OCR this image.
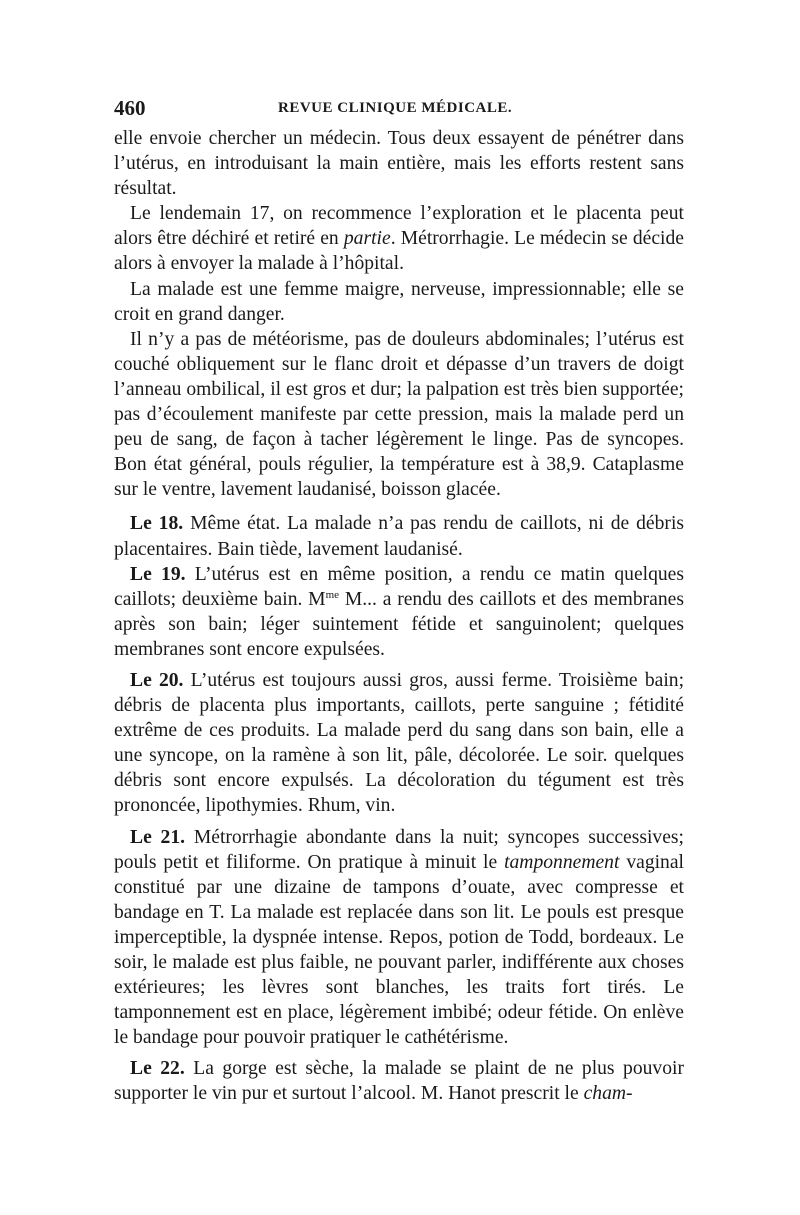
460	REVUE CLINIQUE MÉDICALE.

elle envoie chercher un médecin. Tous deux essayent de pénétrer dans l’utérus, en introduisant la main entière, mais les efforts restent sans résultat.

Le lendemain 17, on recommence l’exploration et le placenta peut alors être déchiré et retiré en partie. Métrorrhagie. Le médecin se décide alors à envoyer la malade à l’hôpital.

La malade est une femme maigre, nerveuse, impressionnable; elle se croit en grand danger.

Il n’y a pas de météorisme, pas de douleurs abdominales; l’utérus est couché obliquement sur le flanc droit et dépasse d’un travers de doigt l’anneau ombilical, il est gros et dur; la palpation est très bien supportée; pas d’écoulement manifeste par cette pression, mais la malade perd un peu de sang, de façon à tacher légèrement le linge. Pas de syncopes. Bon état général, pouls régulier, la température est à 38,9. Cataplasme sur le ventre, lavement laudanisé, boisson glacée.

Le 18. Même état. La malade n’a pas rendu de caillots, ni de débris placentaires. Bain tiède, lavement laudanisé.

Le 19. L’utérus est en même position, a rendu ce matin quelques caillots; deuxième bain. $M^{me}$ M... a rendu des caillots et des membranes après son bain; léger suintement fétide et sanguinolent; quelques membranes sont encore expulsées.

Le 20. L’utérus est toujours aussi gros, aussi ferme. Troisième bain; débris de placenta plus importants, caillots, perte sanguine ; fétidité extrême de ces produits. La malade perd du sang dans son bain, elle a une syncope, on la ramène à son lit, pâle, décolorée. Le soir. quelques débris sont encore expulsés. La décoloration du tégument est très prononcée, lipothymies. Rhum, vin.

Le 21. Métrorrhagie abondante dans la nuit; syncopes successives; pouls petit et filiforme. On pratique à minuit le tamponnement vaginal constitué par une dizaine de tampons d’ouate, avec compresse et bandage en T. La malade est replacée dans son lit. Le pouls est presque imperceptible, la dyspnée intense. Repos, potion de Todd, bordeaux. Le soir, le malade est plus faible, ne pouvant parler, indifférente aux choses extérieures; les lèvres sont blanches, les traits fort tirés. Le tamponnement est en place, légèrement imbibé; odeur fétide. On enlève le bandage pour pouvoir pratiquer le cathétérisme.

Le 22. La gorge est sèche, la malade se plaint de ne plus pouvoir supporter le vin pur et surtout l’alcool. M. Hanot prescrit le cham-
